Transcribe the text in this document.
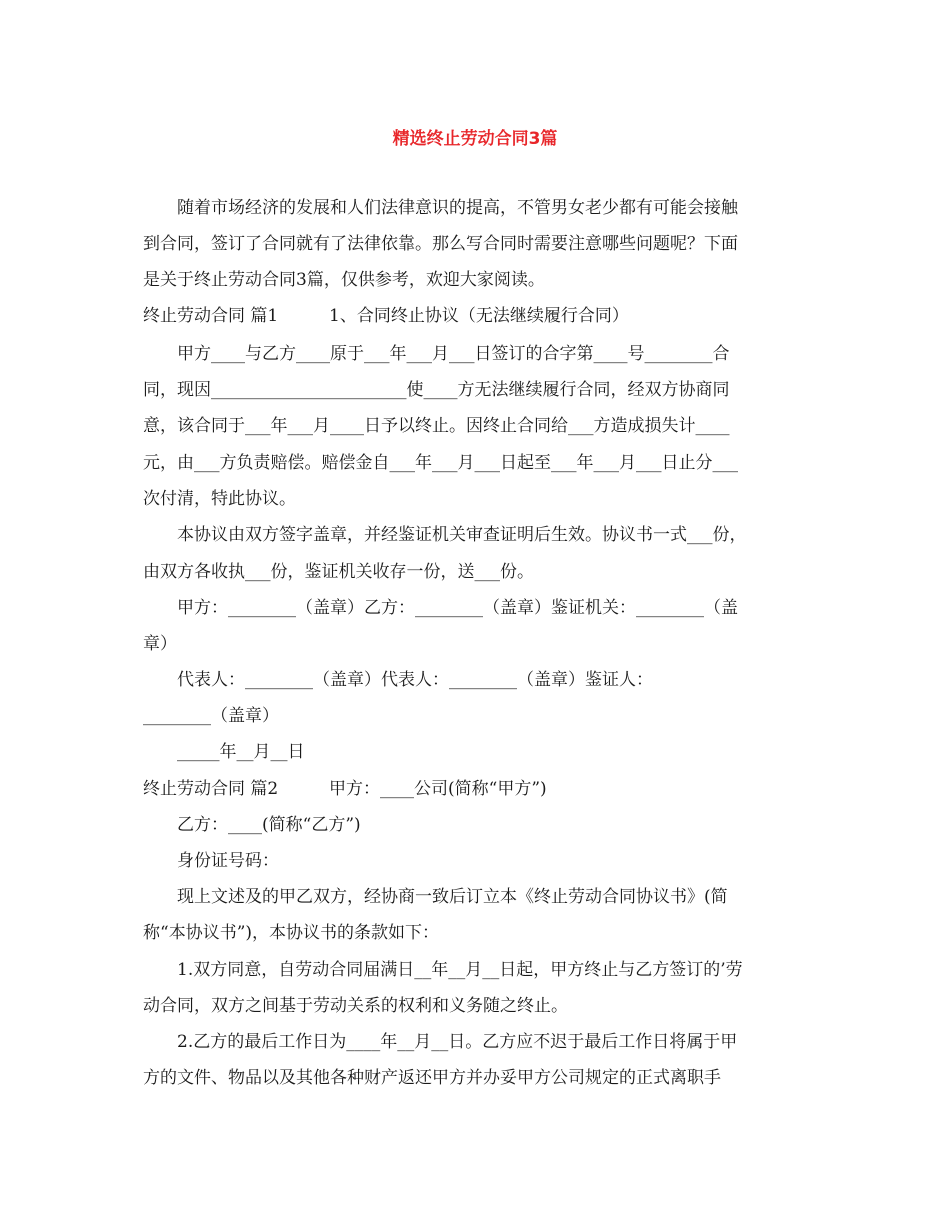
精选终止劳动合同3篇
随着市场经济的发展和人们法律意识的提高，不管男女老少都有可能会接触
到合同，签订了合同就有了法律依靠。那么写合同时需要注意哪些问题呢？下面
是关于终止劳动合同3篇，仅供参考，欢迎大家阅读。
终止劳动合同 篇1	1、合同终止协议（无法继续履行合同）
甲方____与乙方____原于___年___月___日签订的合字第____号________合
同，现因_______________________使____方无法继续履行合同，经双方协商同
意，该合同于___年___月____日予以终止。因终止合同给___方造成损失计____
元，由___方负责赔偿。赔偿金自___年___月___日起至___年___月___日止分___
次付清，特此协议。
本协议由双方签字盖章，并经鉴证机关审查证明后生效。协议书一式___份，
由双方各收执___份，鉴证机关收存一份，送___份。
甲方：________（盖章）乙方：________（盖章）鉴证机关：________（盖
章）
代表人：________（盖章）代表人：________（盖章）鉴证人：
________（盖章）
_____年__月__日
终止劳动合同 篇2	甲方：____公司(简称“甲方”)
乙方：____(简称“乙方”)
身份证号码：
现上文述及的甲乙双方，经协商一致后订立本《终止劳动合同协议书》(简
称“本协议书”)，本协议书的条款如下：
1.双方同意，自劳动合同届满日__年__月__日起，甲方终止与乙方签订的’劳
动合同，双方之间基于劳动关系的权利和义务随之终止。
2.乙方的最后工作日为____年__月__日。乙方应不迟于最后工作日将属于甲
方的文件、物品以及其他各种财产返还甲方并办妥甲方公司规定的正式离职手
